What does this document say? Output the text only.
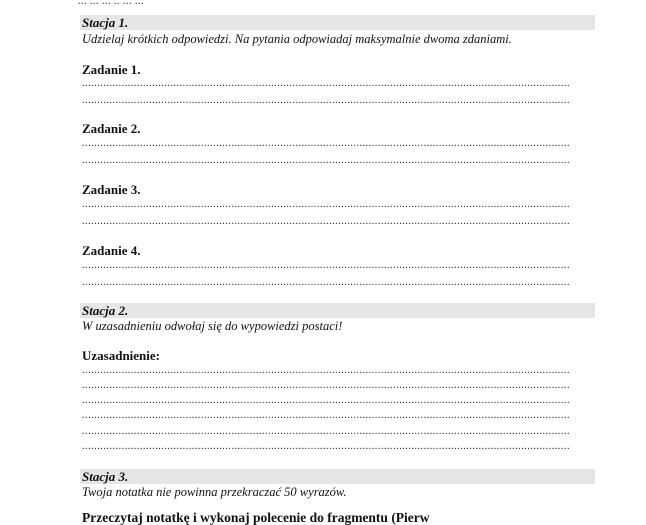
Stacja 1.
Udzielaj krótkich odpowiedzi. Na pytania odpowiadaj maksymalnie dwoma zdaniami.
Zadanie 1.
................................................................................................................................................................
................................................................................................................................................................
Zadanie 2.
................................................................................................................................................................
................................................................................................................................................................
Zadanie 3.
................................................................................................................................................................
................................................................................................................................................................
Zadanie 4.
................................................................................................................................................................
................................................................................................................................................................
Stacja 2.
W uzasadnieniu odwołaj się do wypowiedzi postaci!
Uzasadnienie:
................................................................................................................................................................
................................................................................................................................................................
................................................................................................................................................................
................................................................................................................................................................
................................................................................................................................................................
................................................................................................................................................................
Stacja 3.
Twoja notatka nie powinna przekraczać 50 wyrazów.
Przeczytaj notatkę i wykonaj polecenie do fragmentu (Pierw
